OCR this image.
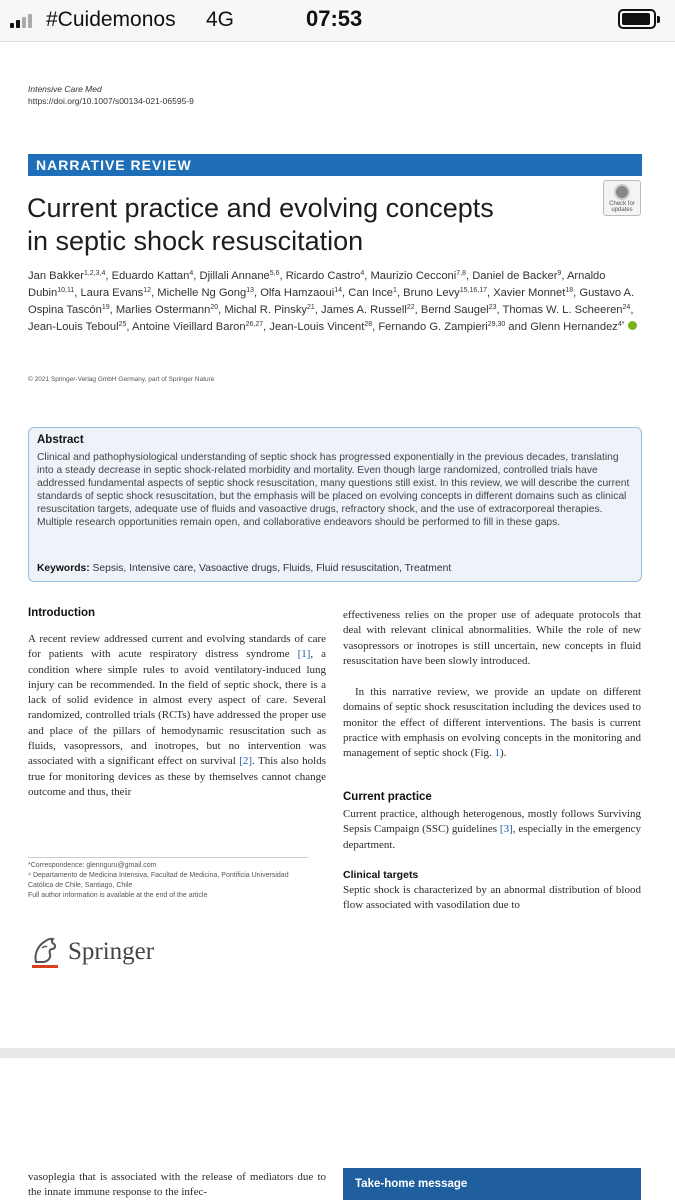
#Cuidemonos 4G	07:53
Intensive Care Med
https://doi.org/10.1007/s00134-021-06595-9
NARRATIVE REVIEW
Current practice and evolving concepts
in septic shock resuscitation
Check for
updates
Jan Bakker$^{1,2,3,4}$, Eduardo Kattan$^4$, Djillali Annane$^{5,6}$, Ricardo Castro$^4$, Maurizio Cecconi$^{7,8}$, Daniel de Backer$^9$, Arnaldo Dubin$^{10,11}$, Laura Evans$^{12}$, Michelle Ng Gong$^{13}$, Olfa Hamzaoui$^{14}$, Can Ince$^1$, Bruno Levy$^{15,16,17}$, Xavier Monnet$^{18}$, Gustavo A. Ospina Tascón$^{19}$, Marlies Ostermann$^{20}$, Michal R. Pinsky$^{21}$, James A. Russell$^{22}$, Bernd Saugel$^{23}$, Thomas W. L. Scheeren$^{24}$, Jean-Louis Teboul$^{25}$, Antoine Vieillard Baron$^{26,27}$, Jean-Louis Vincent$^{28}$, Fernando G. Zampieri$^{29,30}$ and Glenn Hernandez$^{4*}$
© 2021 Springer-Verlag GmbH Germany, part of Springer Nature
Abstract
Clinical and pathophysiological understanding of septic shock has progressed exponentially in the previous decades, translating into a steady decrease in septic shock-related morbidity and mortality. Even though large randomized, controlled trials have addressed fundamental aspects of septic shock resuscitation, many questions still exist. In this review, we will describe the current standards of septic shock resuscitation, but the emphasis will be placed on evolving concepts in different domains such as clinical resuscitation targets, adequate use of fluids and vasoactive drugs, refractory shock, and the use of extracorporeal therapies. Multiple research opportunities remain open, and collaborative endeavors should be performed to fill in these gaps.
Keywords: Sepsis, Intensive care, Vasoactive drugs, Fluids, Fluid resuscitation, Treatment
Introduction
A recent review addressed current and evolving standards of care for patients with acute respiratory distress syndrome [1], a condition where simple rules to avoid ventilatory-induced lung injury can be recommended. In the field of septic shock, there is a lack of solid evidence in almost every aspect of care. Several randomized, controlled trials (RCTs) have addressed the proper use and place of the pillars of hemodynamic resuscitation such as fluids, vasopressors, and inotropes, but no intervention was associated with a significant effect on survival [2]. This also holds true for monitoring devices as these by themselves cannot change outcome and thus, their
effectiveness relies on the proper use of adequate protocols that deal with relevant clinical abnormalities. While the role of new vasopressors or inotropes is still uncertain, new concepts in fluid resuscitation have been slowly introduced.
In this narrative review, we provide an update on different domains of septic shock resuscitation including the devices used to monitor the effect of different interventions. The basis is current practice with emphasis on evolving concepts in the monitoring and management of septic shock (Fig. 1).
Current practice
Current practice, although heterogenous, mostly follows Surviving Sepsis Campaign (SSC) guidelines [3], especially in the emergency department.
Clinical targets
Septic shock is characterized by an abnormal distribution of blood flow associated with vasodilation due to
*Correspondence: glennguru@gmail.com
⁴ Departamento de Medicina Intensiva, Facultad de Medicina, Pontificia Universidad Católica de Chile, Santiago, Chile
Full author information is available at the end of the article
Springer
vasoplegia that is associated with the release of mediators due to the innate immune response to the infec-
Take-home message
